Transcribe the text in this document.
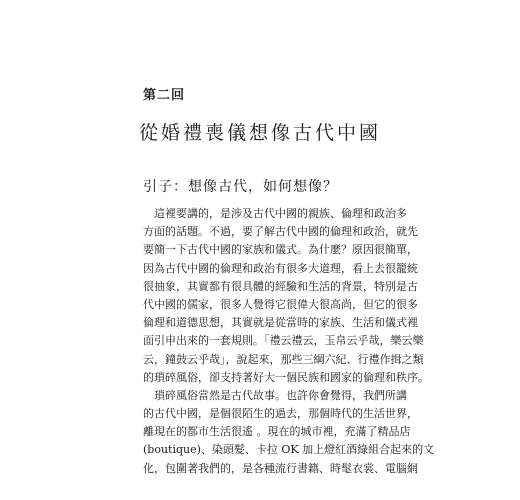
第二回
從婚禮喪儀想像古代中國
引子：想像古代，如何想像？
　這裡要講的，是涉及古代中國的親族、倫理和政治多
方面的話題。不過，要了解古代中國的倫理和政治，就先
要簡一下古代中國的家族和儀式。為什麼？原因很簡單，
因為古代中國的倫理和政治有很多大道理，看上去很籠統
很抽象，其實都有很具體的經驗和生活的背景，特別是古
代中國的儒家，很多人覺得它很偉大很高尚，但它的很多
倫理和道德思想，其實就是從當時的家族、生活和儀式裡
面引申出來的一套規則。「禮云禮云，玉帛云乎哉，樂云樂
云，鐘鼓云乎哉」，說起來，那些三綱六紀、行禮作揖之類
的瑣碎風俗，卻支持著好大一個民族和國家的倫理和秩序。
　瑣碎風俗當然是古代故事。也許你會覺得，我們所講
的古代中國，是個很陌生的過去，那個時代的生活世界，
離現在的都市生活很遙 。現在的城市裡，充滿了精品店
(boutique)、染頭髮、卡拉 OK 加上燈紅酒綠組合起來的文
化，包圍著我們的，是各種流行書籍、時髦衣裳、電腦網
